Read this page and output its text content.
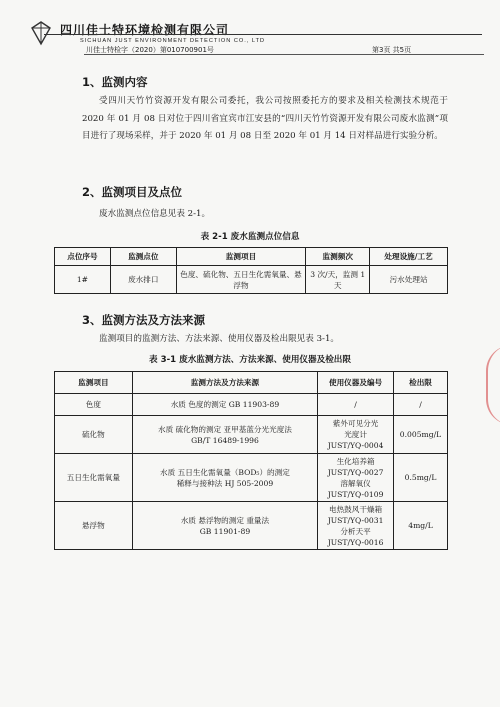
四川佳士特环境检测有限公司
SICHUAN JUST ENVIRONMENT DETECTION CO., LTD
川佳士特检字（2020）第010700901号	第3页 共5页
1、监测内容

受四川天竹竹资源开发有限公司委托，我公司按照委托方的要求及相关检测技术规范于 2020 年 01 月 08 日对位于四川省宜宾市江安县的“四川天竹竹资源开发有限公司废水监测”项目进行了现场采样，并于 2020 年 01 月 08 日至 2020 年 01 月 14 日对样品进行实验分析。

2、监测项目及点位

废水监测点位信息见表 2-1。

表 2-1 废水监测点位信息
点位序号	监测点位	监测项目	监测频次	处理设施/工艺
1#	废水排口	色度、硫化物、五日生化需氧量、悬浮物	3 次/天，监测 1 天	污水处理站
3、监测方法及方法来源

监测项目的监测方法、方法来源、使用仪器及检出限见表 3-1。

表 3-1 废水监测方法、方法来源、使用仪器及检出限
监测项目	监测方法及方法来源	使用仪器及编号	检出限
色度	水质 色度的测定 GB 11903-89	/	/
硫化物	水质 硫化物的测定 亚甲基蓝分光光度法
GB/T 16489-1996	紫外可见分光
光度计
JUST/YQ-0004	0.005mg/L
五日生化需氧量	水质 五日生化需氧量（BOD₅）的测定
稀释与接种法 HJ 505-2009	生化培养箱
JUST/YQ-0027
溶解氧仪
JUST/YQ-0109	0.5mg/L
悬浮物	水质 悬浮物的测定 重量法
GB 11901-89	电热鼓风干燥箱
JUST/YQ-0031
分析天平
JUST/YQ-0016	4mg/L
